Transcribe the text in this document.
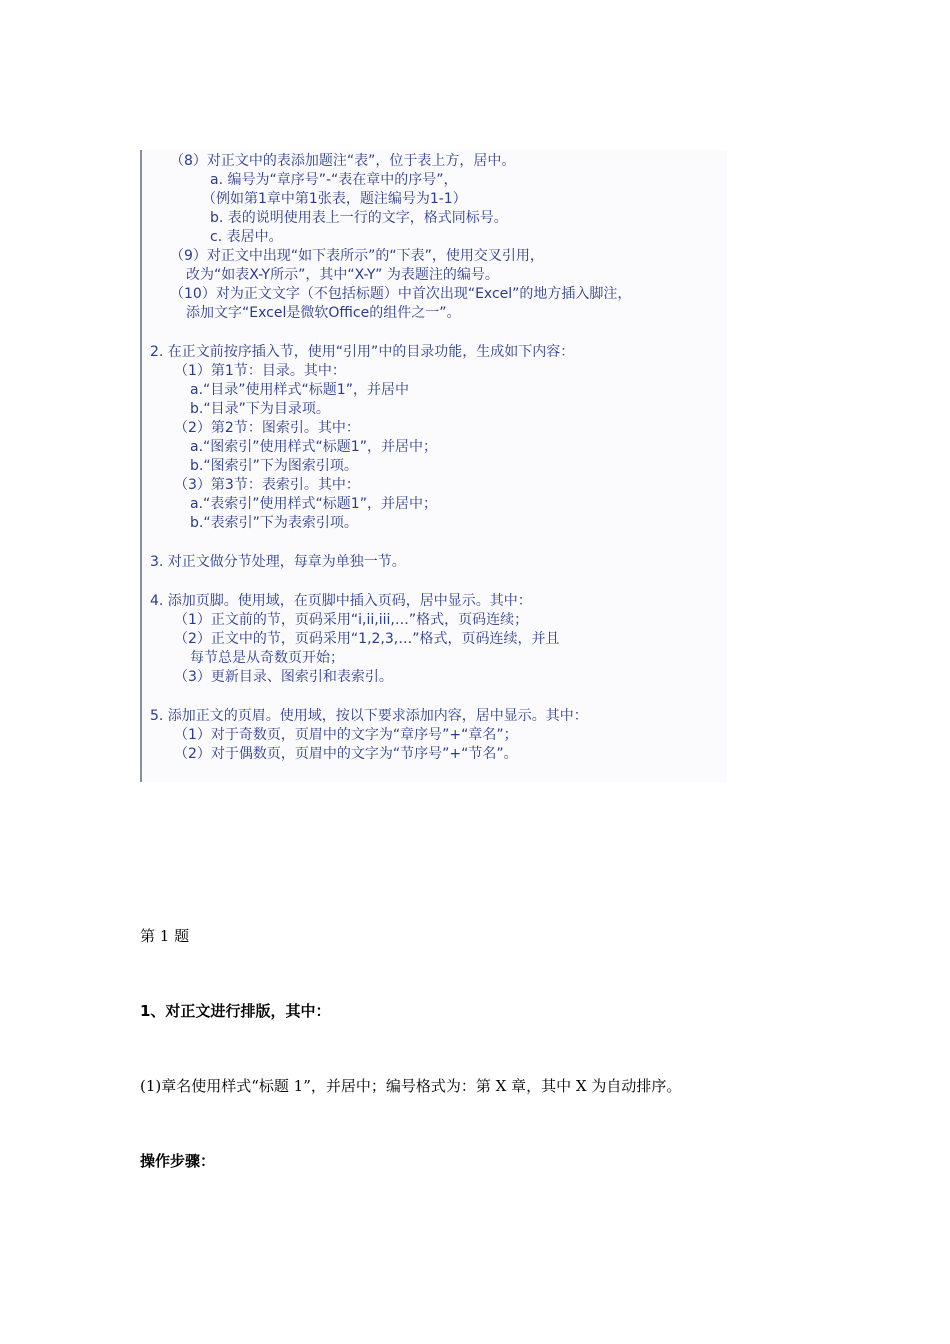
（8）对正文中的表添加题注“表”，位于表上方，居中。
a. 编号为“章序号”-“表在章中的序号”，
（例如第1章中第1张表，题注编号为1-1）
b. 表的说明使用表上一行的文字，格式同标号。
c. 表居中。
（9）对正文中出现“如下表所示”的“下表”，使用交叉引用，
改为“如表X-Y所示”，其中“X-Y” 为表题注的编号。
（10）对为正文文字（不包括标题）中首次出现“Excel”的地方插入脚注，
添加文字“Excel是微软Office的组件之一”。
2. 在正文前按序插入节，使用“引用”中的目录功能，生成如下内容：
（1）第1节：目录。其中：
a.“目录”使用样式“标题1”，并居中
b.“目录”下为目录项。
（2）第2节：图索引。其中：
a.“图索引”使用样式“标题1”，并居中；
b.“图索引”下为图索引项。
（3）第3节：表索引。其中：
a.“表索引”使用样式“标题1”，并居中；
b.“表索引”下为表索引项。
3. 对正文做分节处理，每章为单独一节。
4. 添加页脚。使用域，在页脚中插入页码，居中显示。其中：
（1）正文前的节，页码采用“i,ii,iii,…”格式，页码连续；
（2）正文中的节，页码采用“1,2,3,…”格式，页码连续，并且
每节总是从奇数页开始；
（3）更新目录、图索引和表索引。
5. 添加正文的页眉。使用域，按以下要求添加内容，居中显示。其中：
（1）对于奇数页，页眉中的文字为“章序号”+“章名”；
（2）对于偶数页，页眉中的文字为“节序号”+“节名”。
第 1 题
1、对正文进行排版，其中：
(1)章名使用样式“标题 1”，并居中；编号格式为：第 X 章，其中 X 为自动排序。
操作步骤：
